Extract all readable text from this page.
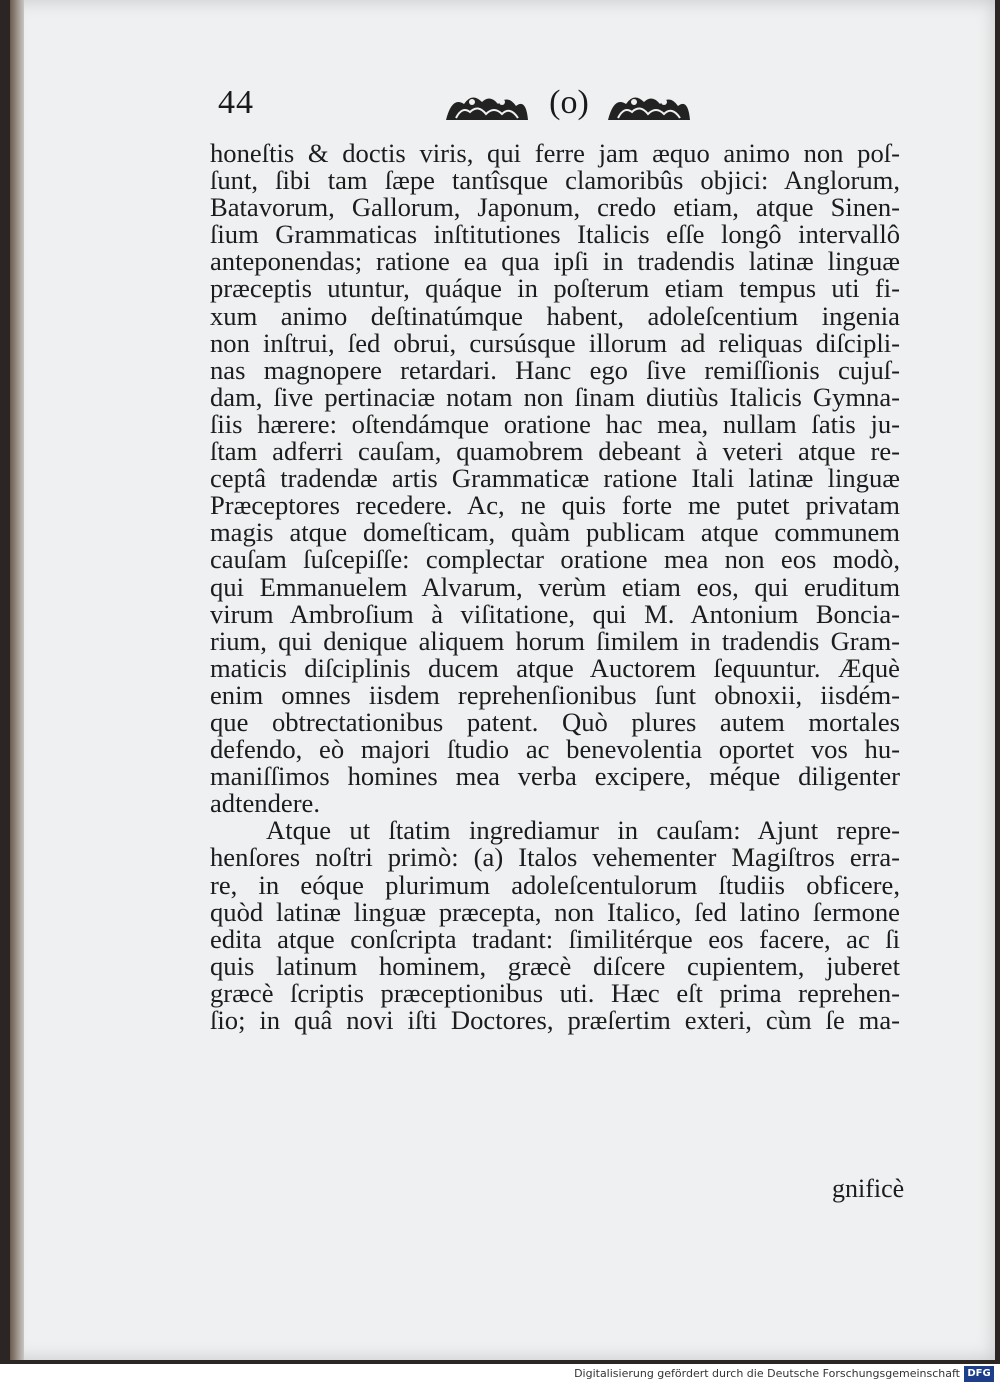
44	(o)
honeſtis & doctis viris, qui ferre jam æquo animo non poſ-
ſunt, ſibi tam ſæpe tantîsque clamoribûs objici: Anglorum,
Batavorum, Gallorum, Japonum, credo etiam, atque Sinen-
ſium Grammaticas inſtitutiones Italicis eſſe longô intervallô
anteponendas; ratione ea qua ipſi in tradendis latinæ linguæ
præceptis utuntur, quáque in poſterum etiam tempus uti fi-
xum animo deſtinatúmque habent, adoleſcentium ingenia
non inſtrui, ſed obrui, cursúsque illorum ad reliquas diſcipli-
nas magnopere retardari. Hanc ego ſive remiſſionis cujuſ-
dam, ſive pertinaciæ notam non ſinam diutiùs Italicis Gymna-
ſiis hærere: oſtendámque oratione hac mea, nullam ſatis ju-
ſtam adferri cauſam, quamobrem debeant à veteri atque re-
ceptâ tradendæ artis Grammaticæ ratione Itali latinæ linguæ
Præceptores recedere. Ac, ne quis forte me putet privatam
magis atque domeſticam, quàm publicam atque communem
cauſam ſuſcepiſſe: complectar oratione mea non eos modò,
qui Emmanuelem Alvarum, verùm etiam eos, qui eruditum
virum Ambroſium à viſitatione, qui M. Antonium Boncia-
rium, qui denique aliquem horum ſimilem in tradendis Gram-
maticis diſciplinis ducem atque Auctorem ſequuntur. Æquè
enim omnes iisdem reprehenſionibus ſunt obnoxii, iisdém-
que obtrectationibus patent. Quò plures autem mortales
defendo, eò majori ſtudio ac benevolentia oportet vos hu-
maniſſimos homines mea verba excipere, méque diligenter
adtendere.
Atque ut ſtatim ingrediamur in cauſam: Ajunt repre-
henſores noſtri primò: (a) Italos vehementer Magiſtros erra-
re, in eóque plurimum adoleſcentulorum ſtudiis obficere,
quòd latinæ linguæ præcepta, non Italico, ſed latino ſermone
edita atque conſcripta tradant: ſimilitérque eos facere, ac ſi
quis latinum hominem, græcè diſcere cupientem, juberet
græcè ſcriptis præceptionibus uti. Hæc eſt prima reprehen-
ſio; in quâ novi iſti Doctores, præſertim exteri, cùm ſe ma-
gnificè
Digitalisierung gefördert durch die Deutsche Forschungsgemeinschaft DFG
